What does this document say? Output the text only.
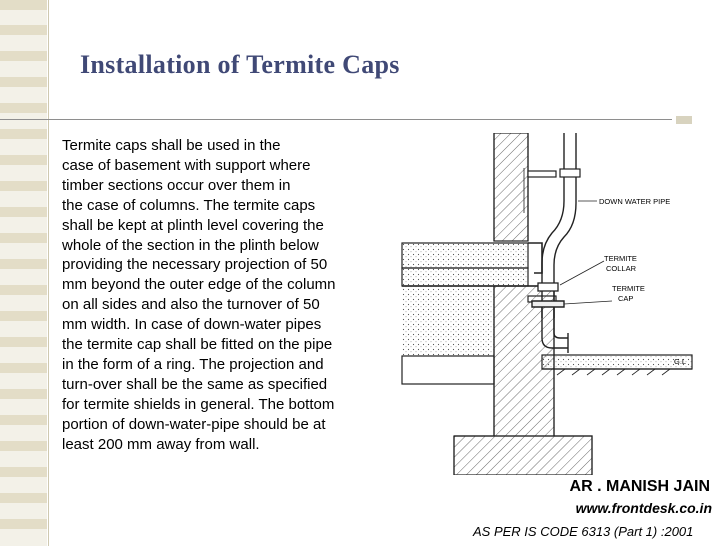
Installation of Termite Caps
Termite caps shall be used in the
case of basement with support where
timber sections occur over them in
the case of columns. The termite caps
shall be kept at plinth level covering the
whole of the section in the plinth below
providing the necessary projection of 50
mm beyond the outer edge of the column
on all sides and also the turnover of 50
mm width. In case of down-water pipes
the termite cap shall be fitted on the pipe
in the form of a ring. The projection and
turn-over shall be the same as specified
for termite shields in general. The bottom
portion of down-water-pipe should be at
least 200 mm away from wall.
DOWN WATER PIPE
TERMITE
COLLAR
TERMITE
CAP
G.L
AR . MANISH JAIN
www.frontdesk.co.in
AS PER IS CODE 6313 (Part 1) :2001
